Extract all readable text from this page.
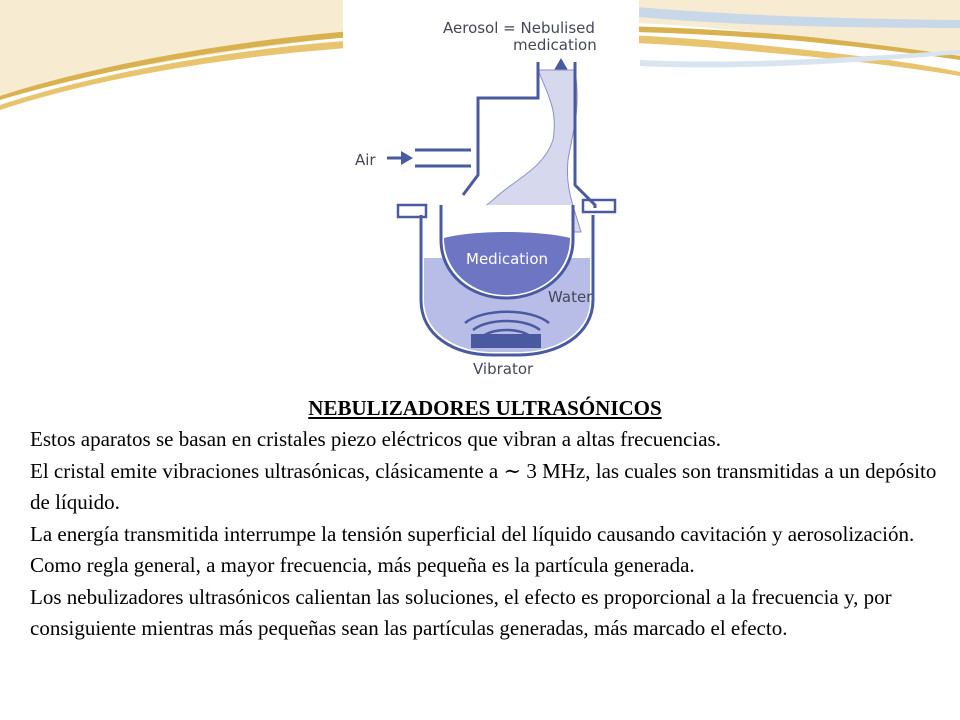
Aerosol = Nebulised
medication
Air
Medication
Water
Vibrator

NEBULIZADORES ULTRASÓNICOS

Estos aparatos se basan en cristales piezo eléctricos que vibran a altas frecuencias.

El cristal emite vibraciones ultrasónicas, clásicamente a ∼ 3 MHz, las cuales son transmitidas a un depósito de líquido.

La energía transmitida interrumpe la tensión superficial del líquido causando cavitación y aerosolización.

Como regla general, a mayor frecuencia, más pequeña es la partícula generada.

Los nebulizadores ultrasónicos calientan las soluciones, el efecto es proporcional a la frecuencia y, por consiguiente mientras más pequeñas sean las partículas generadas, más marcado el efecto.
